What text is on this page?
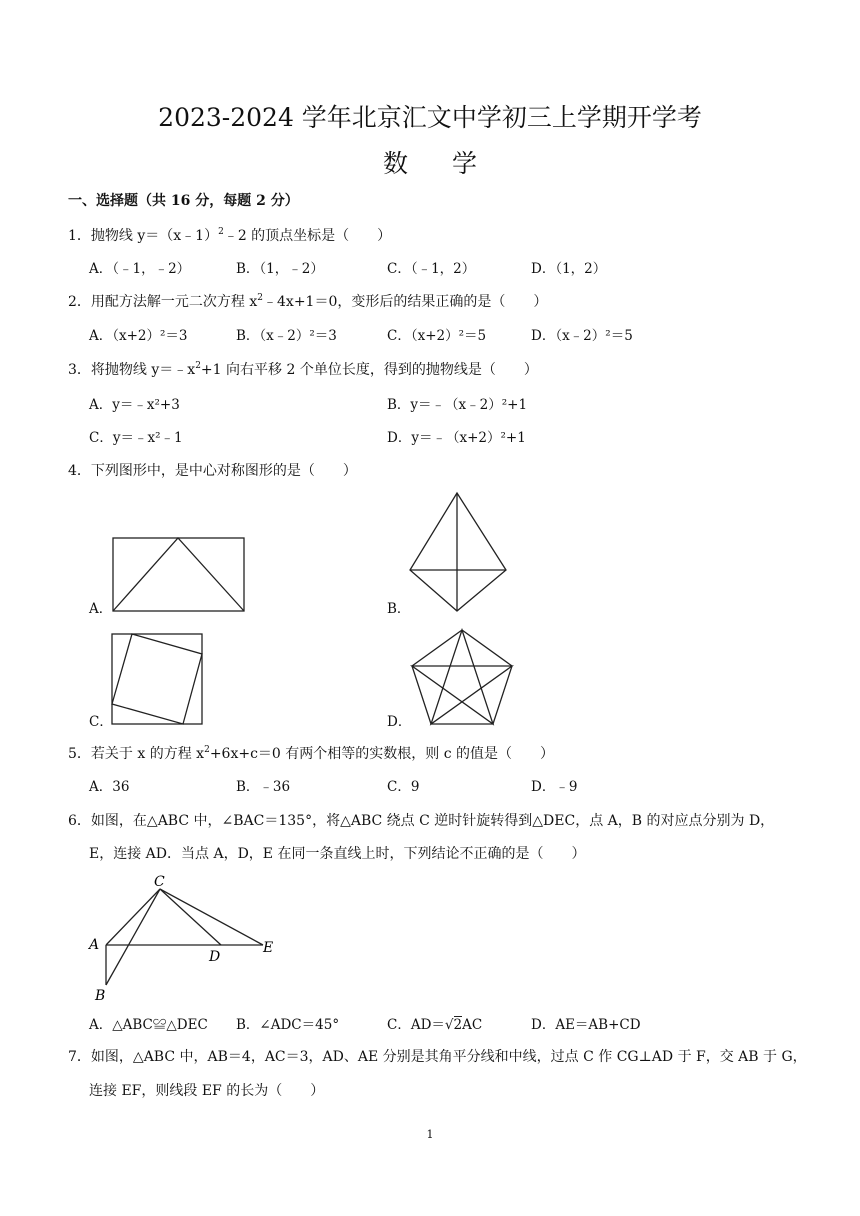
2023-2024 学年北京汇文中学初三上学期开学考
数学
一、选择题（共 16 分，每题 2 分）
1．抛物线 y＝（x﹣1）$^2$﹣2 的顶点坐标是（　　）
A．（﹣1，﹣2）	B．（1，﹣2）	C．（﹣1，2）	D．（1，2）
2．用配方法解一元二次方程 $x^2﹣4x+1=0$，变形后的结果正确的是（　　）
A．（x+2）²＝3	B．（x﹣2）²＝3	C．（x+2）²＝5	D．（x﹣2）²＝5
3．将抛物线 $y=﹣x^2+1$ 向右平移 2 个单位长度，得到的抛物线是（　　）
A．y＝﹣x²+3	B．y＝﹣（x﹣2）²+1
C．y＝﹣x²﹣1	D．y＝﹣（x+2）²+1
4．下列图形中，是中心对称图形的是（　　）
A．	B．
C．	D．
5．若关于 x 的方程 $x^2+6x+c=0$ 有两个相等的实数根，则 c 的值是（　　）
A．36	B．﹣36	C．9	D．﹣9
6．如图，在△ABC 中，∠BAC＝135°，将△ABC 绕点 C 逆时针旋转得到△DEC，点 A，B 的对应点分别为 D，
E，连接 AD．当点 A，D，E 在同一条直线上时，下列结论不正确的是（　　）
C
A
D
E
B
A．△ABC≌△DEC B．∠ADC＝45°	C．AD＝√2AC	D．AE＝AB+CD
7．如图，△ABC 中，AB＝4，AC＝3，AD、AE 分别是其角平分线和中线，过点 C 作 CG⊥AD 于 F，交 AB 于 G，
连接 EF，则线段 EF 的长为（　　）
1
